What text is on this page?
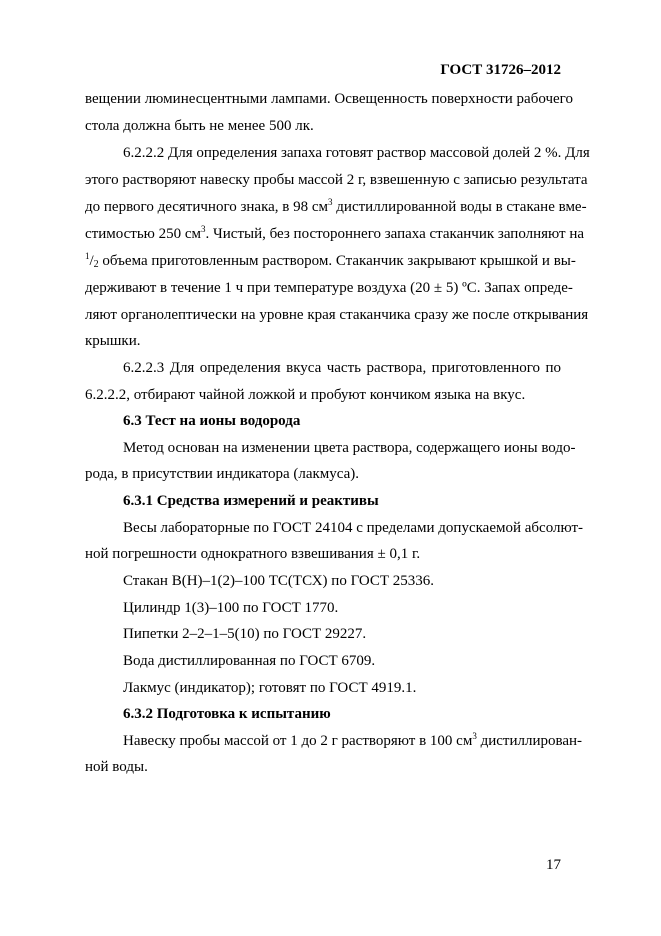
ГОСТ 31726–2012
вещении люминесцентными лампами. Освещенность поверхности рабочего
стола должна быть не менее 500 лк.
6.2.2.2 Для определения запаха готовят раствор массовой долей 2 %. Для
этого растворяют навеску пробы массой 2 г, взвешенную с записью результата
до первого десятичного знака, в 98 $см^3$ дистиллированной воды в стакане вме-
стимостью 250 $см^3$. Чистый, без постороннего запаха стаканчик заполняют на
$^1/_2$ объема приготовленным раствором. Стаканчик закрывают крышкой и вы-
держивают в течение 1 ч при температуре воздуха (20 ± 5) ºС. Запах опреде-
ляют органолептически на уровне края стаканчика сразу же после открывания
крышки.
6.2.2.3 Для определения вкуса часть раствора, приготовленного по
6.2.2.2, отбирают чайной ложкой и пробуют кончиком языка на вкус.
6.3 Тест на ионы водорода
Метод основан на изменении цвета раствора, содержащего ионы водо-
рода, в присутствии индикатора (лакмуса).
6.3.1 Средства измерений и реактивы
Весы лабораторные по ГОСТ 24104 с пределами допускаемой абсолют-
ной погрешности однократного взвешивания ± 0,1 г.
Стакан В(Н)–1(2)–100 ТС(ТСХ) по ГОСТ 25336.
Цилиндр 1(3)–100 по ГОСТ 1770.
Пипетки 2–2–1–5(10) по ГОСТ 29227.
Вода дистиллированная по ГОСТ 6709.
Лакмус (индикатор); готовят по ГОСТ 4919.1.
6.3.2 Подготовка к испытанию
Навеску пробы массой от 1 до 2 г растворяют в 100 $см^3$ дистиллирован-
ной воды.
17
